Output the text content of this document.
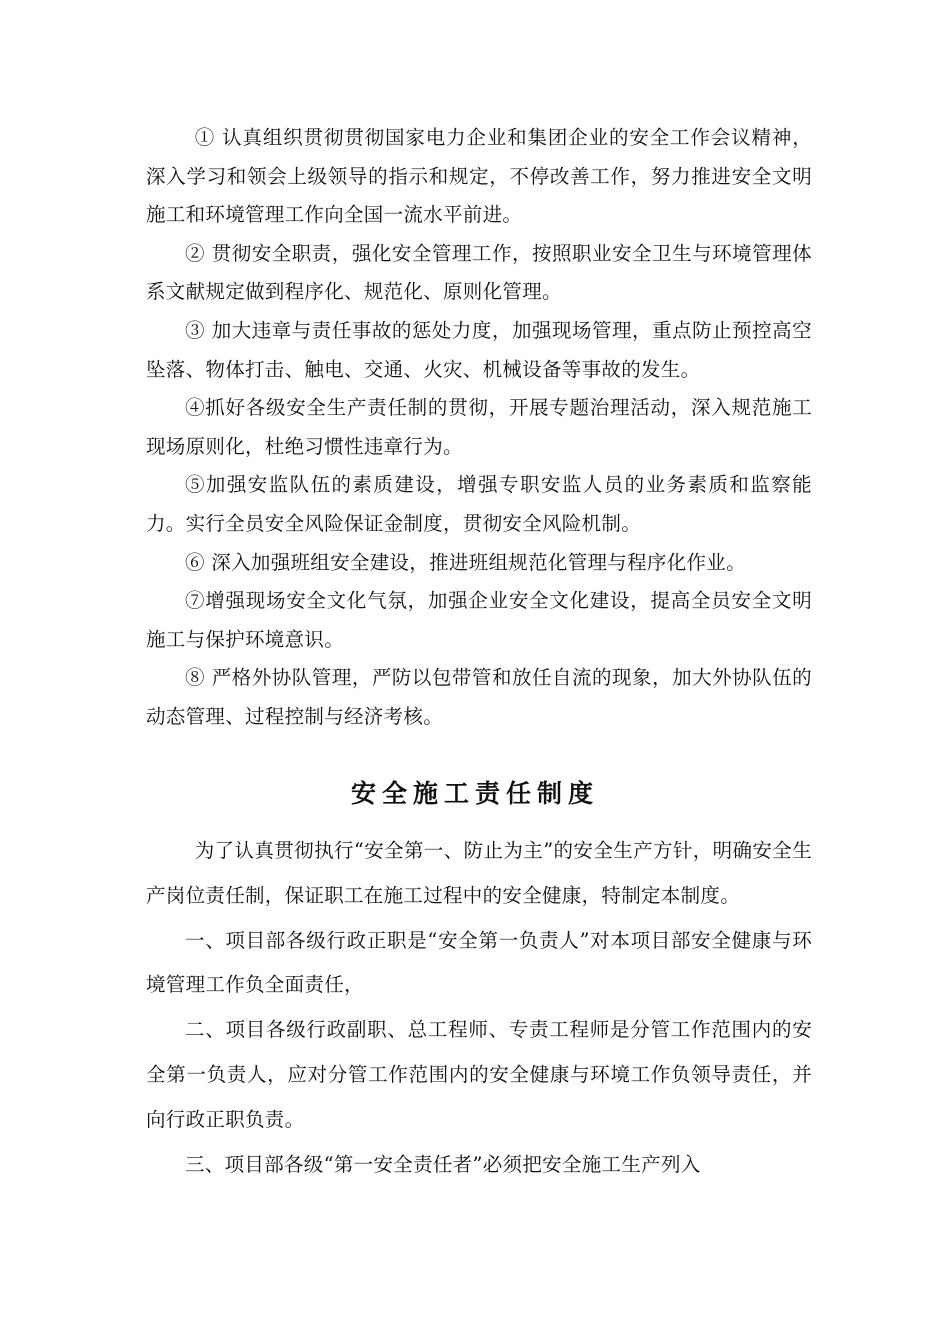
① 认真组织贯彻贯彻国家电力企业和集团企业的安全工作会议精神，深入学习和领会上级领导的指示和规定，不停改善工作，努力推进安全文明施工和环境管理工作向全国一流水平前进。

② 贯彻安全职责，强化安全管理工作，按照职业安全卫生与环境管理体系文献规定做到程序化、规范化、原则化管理。

③ 加大违章与责任事故的惩处力度，加强现场管理，重点防止预控高空坠落、物体打击、触电、交通、火灾、机械设备等事故的发生。

④抓好各级安全生产责任制的贯彻，开展专题治理活动，深入规范施工现场原则化，杜绝习惯性违章行为。

⑤加强安监队伍的素质建设，增强专职安监人员的业务素质和监察能力。实行全员安全风险保证金制度，贯彻安全风险机制。

⑥ 深入加强班组安全建设，推进班组规范化管理与程序化作业。

⑦增强现场安全文化气氛，加强企业安全文化建设，提高全员安全文明施工与保护环境意识。

⑧ 严格外协队管理，严防以包带管和放任自流的现象，加大外协队伍的动态管理、过程控制与经济考核。

安全施工责任制度

为了认真贯彻执行“安全第一、防止为主”的安全生产方针，明确安全生产岗位责任制，保证职工在施工过程中的安全健康，特制定本制度。

一、项目部各级行政正职是“安全第一负责人”对本项目部安全健康与环境管理工作负全面责任，

二、项目各级行政副职、总工程师、专责工程师是分管工作范围内的安全第一负责人，应对分管工作范围内的安全健康与环境工作负领导责任，并向行政正职负责。

三、项目部各级“第一安全责任者”必须把安全施工生产列入
